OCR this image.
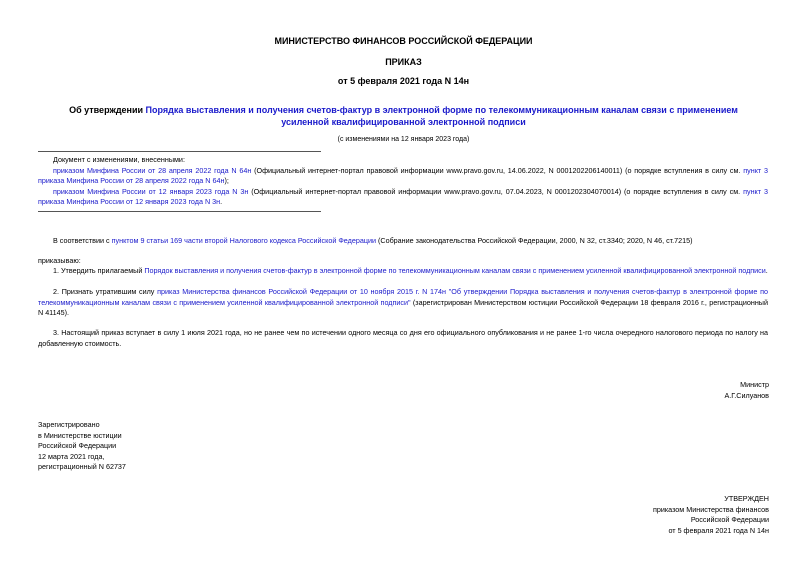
МИНИСТЕРСТВО ФИНАНСОВ РОССИЙСКОЙ ФЕДЕРАЦИИ
ПРИКАЗ
от 5 февраля 2021 года N 14н
Об утверждении Порядка выставления и получения счетов-фактур в электронной форме по телекоммуникационным каналам связи с применением усиленной квалифицированной электронной подписи
(с изменениями на 12 января 2023 года)
Документ с изменениями, внесенными:
приказом Минфина России от 28 апреля 2022 года N 64н (Официальный интернет-портал правовой информации www.pravo.gov.ru, 14.06.2022, N 0001202206140011) (о порядке вступления в силу см. пункт 3 приказа Минфина России от 28 апреля 2022 года N 64н);
приказом Минфина России от 12 января 2023 года N 3н (Официальный интернет-портал правовой информации www.pravo.gov.ru, 07.04.2023, N 0001202304070014) (о порядке вступления в силу см. пункт 3 приказа Минфина России от 12 января 2023 года N 3н.
В соответствии с пунктом 9 статьи 169 части второй Налогового кодекса Российской Федерации (Собрание законодательства Российской Федерации, 2000, N 32, ст.3340; 2020, N 46, ст.7215)
приказываю:
1. Утвердить прилагаемый Порядок выставления и получения счетов-фактур в электронной форме по телекоммуникационным каналам связи с применением усиленной квалифицированной электронной подписи.
2. Признать утратившим силу приказ Министерства финансов Российской Федерации от 10 ноября 2015 г. N 174н "Об утверждении Порядка выставления и получения счетов-фактур в электронной форме по телекоммуникационным каналам связи с применением усиленной квалифицированной электронной подписи" (зарегистрирован Министерством юстиции Российской Федерации 18 февраля 2016 г., регистрационный N 41145).
3. Настоящий приказ вступает в силу 1 июля 2021 года, но не ранее чем по истечении одного месяца со дня его официального опубликования и не ранее 1-го числа очередного налогового периода по налогу на добавленную стоимость.
Министр
А.Г.Силуанов
Зарегистрировано
в Министерстве юстиции
Российской Федерации
12 марта 2021 года,
регистрационный N 62737
УТВЕРЖДЕН
приказом Министерства финансов
Российской Федерации
от 5 февраля 2021 года N 14н
